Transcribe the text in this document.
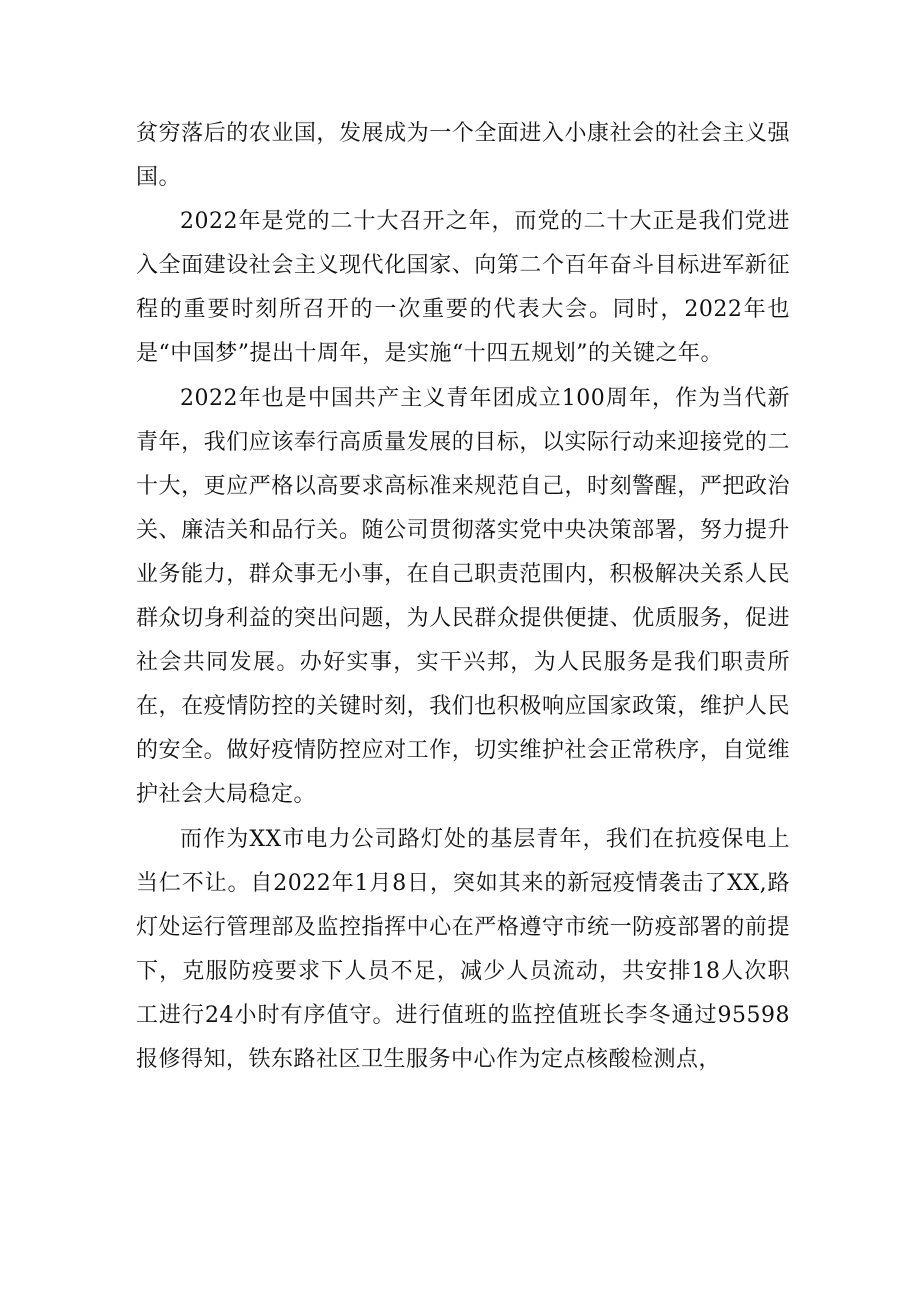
贫穷落后的农业国，发展成为一个全面进入小康社会的社会主义强国。

2022年是党的二十大召开之年，而党的二十大正是我们党进入全面建设社会主义现代化国家、向第二个百年奋斗目标进军新征程的重要时刻所召开的一次重要的代表大会。同时，2022年也是“中国梦”提出十周年，是实施“十四五规划”的关键之年。

2022年也是中国共产主义青年团成立100周年，作为当代新青年，我们应该奉行高质量发展的目标，以实际行动来迎接党的二十大，更应严格以高要求高标准来规范自己，时刻警醒，严把政治关、廉洁关和品行关。随公司贯彻落实党中央决策部署，努力提升业务能力，群众事无小事，在自己职责范围内，积极解决关系人民群众切身利益的突出问题，为人民群众提供便捷、优质服务，促进社会共同发展。办好实事，实干兴邦，为人民服务是我们职责所在，在疫情防控的关键时刻，我们也积极响应国家政策，维护人民的安全。做好疫情防控应对工作，切实维护社会正常秩序，自觉维护社会大局稳定。

而作为XX市电力公司路灯处的基层青年，我们在抗疫保电上当仁不让。自2022年1月8日，突如其来的新冠疫情袭击了XX,路灯处运行管理部及监控指挥中心在严格遵守市统一防疫部署的前提下，克服防疫要求下人员不足，减少人员流动，共安排18人次职工进行24小时有序值守。进行值班的监控值班长李冬通过95598报修得知，铁东路社区卫生服务中心作为定点核酸检测点，
